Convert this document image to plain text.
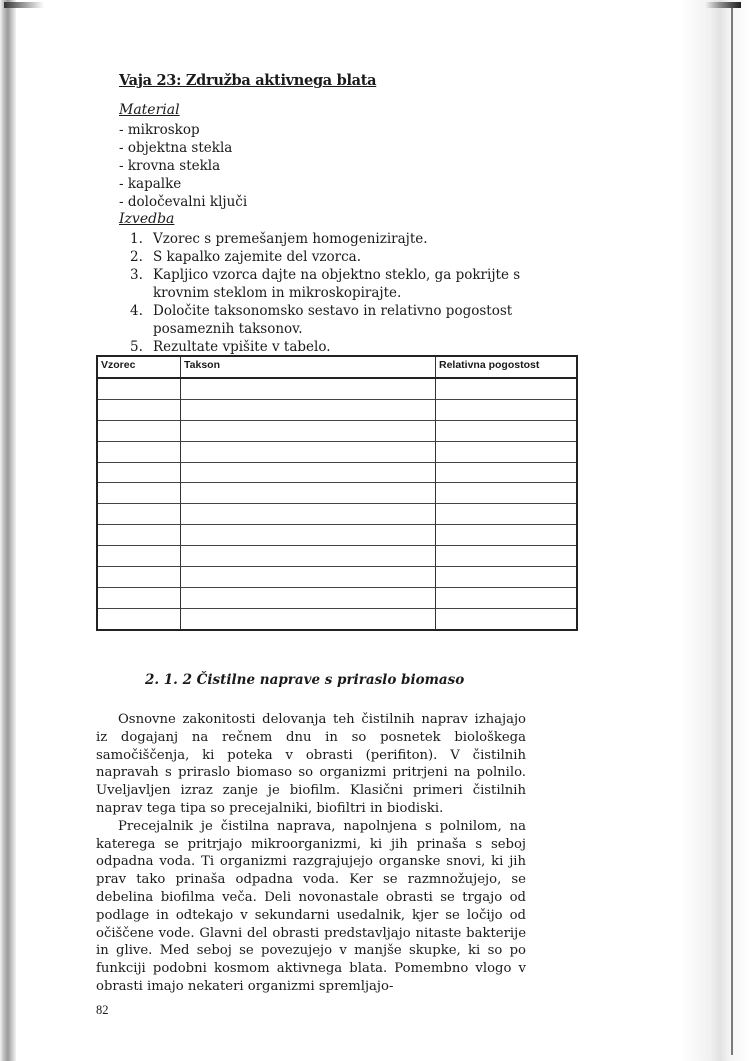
Vaja 23: Združba aktivnega blata
Material
- mikroskop
- objektna stekla
- krovna stekla
- kapalke
- določevalni ključi
Izvedba
1. Vzorec s premešanjem homogenizirajte.
2. S kapalko zajemite del vzorca.
3. Kapljico vzorca dajte na objektno steklo, ga pokrijte s krovnim steklom in mikroskopirajte.
4. Določite taksonomsko sestavo in relativno pogostost posameznih taksonov.
5. Rezultate vpišite v tabelo.
Vzorec	Takson	Relativna pogostost

2. 1. 2 Čistilne naprave s priraslo biomaso

Osnovne zakonitosti delovanja teh čistilnih naprav izhajajo iz dogajanj na rečnem dnu in so posnetek biološkega samočiščenja, ki poteka v obrasti (perifiton). V čistilnih napravah s priraslo biomaso so organizmi pritrjeni na polnilo. Uveljavljen izraz zanje je biofilm. Klasični primeri čistilnih naprav tega tipa so precejalniki, biofiltri in biodiski.

Precejalnik je čistilna naprava, napolnjena s polnilom, na katerega se pritrjajo mikroorganizmi, ki jih prinaša s seboj odpadna voda. Ti organizmi razgrajujejo organske snovi, ki jih prav tako prinaša odpadna voda. Ker se razmnožujejo, se debelina biofilma veča. Deli novonastale obrasti se trgajo od podlage in odtekajo v sekundarni usedalnik, kjer se ločijo od očiščene vode. Glavni del obrasti predstavljajo nitaste bakterije in glive. Med seboj se povezujejo v manjše skupke, ki so po funkciji podobni kosmom aktivnega blata. Pomembno vlogo v obrasti imajo nekateri organizmi spremljajo-

82
